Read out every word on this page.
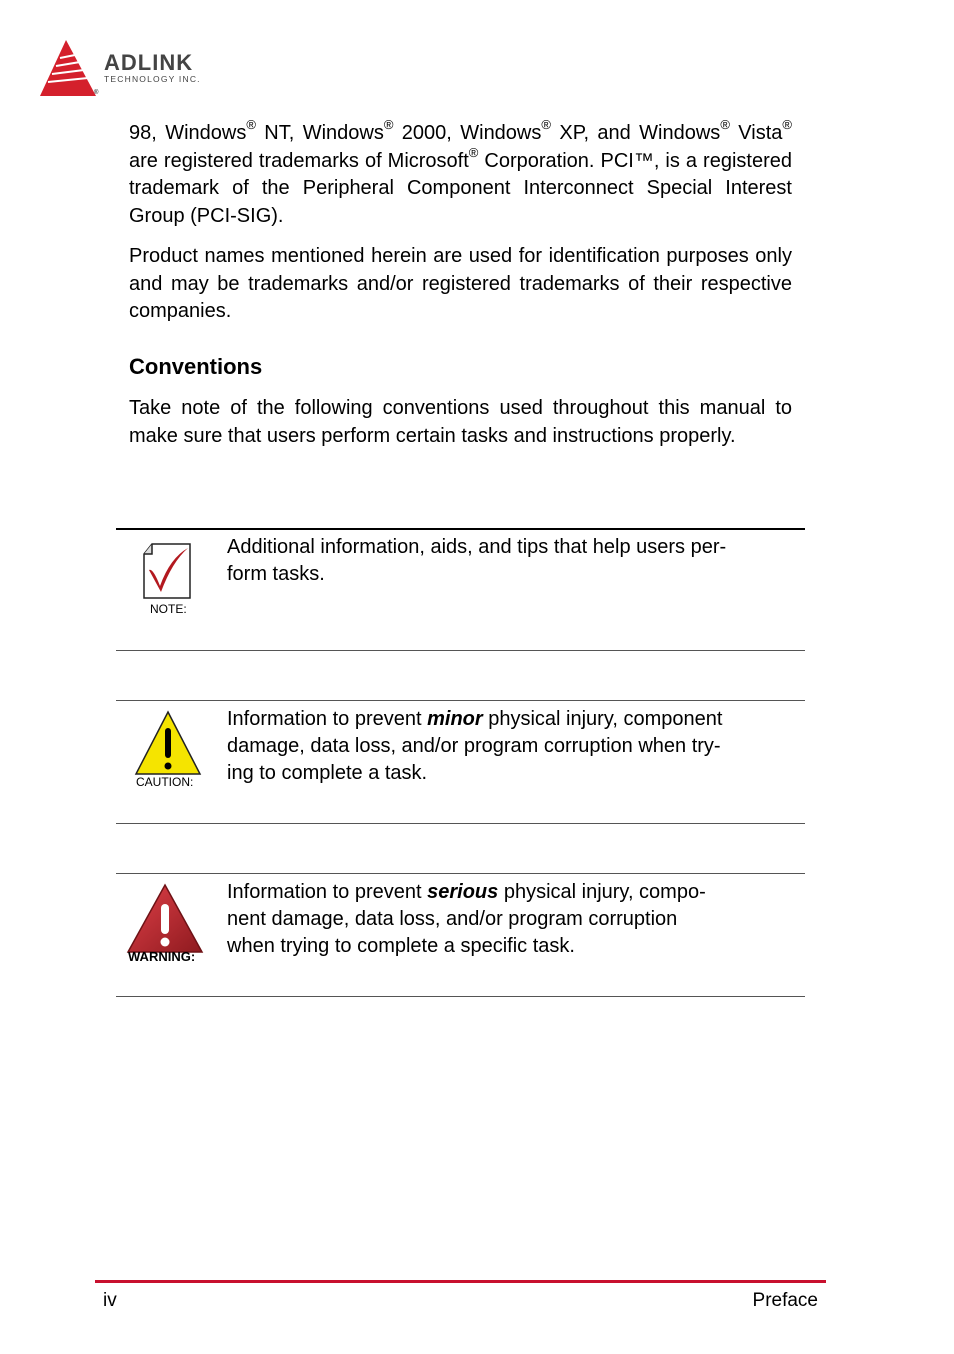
ADLINK
TECHNOLOGY INC.
®

98, Windows® NT, Windows® 2000, Windows® XP, and Windows® Vista® are registered trademarks of Microsoft® Corporation. PCI™, is a registered trademark of the Peripheral Component Interconnect Special Interest Group (PCI-SIG).

Product names mentioned herein are used for identification purposes only and may be trademarks and/or registered trademarks of their respective companies.

Conventions

Take note of the following conventions used throughout this manual to make sure that users perform certain tasks and instructions properly.

NOTE:

Additional information, aids, and tips that help users per-
form tasks.

CAUTION:

Information to prevent minor physical injury, component
damage, data loss, and/or program corruption when try-
ing to complete a task.

WARNING:

Information to prevent serious physical injury, compo-
nent damage, data loss, and/or program corruption
when trying to complete a specific task.

iv	Preface
